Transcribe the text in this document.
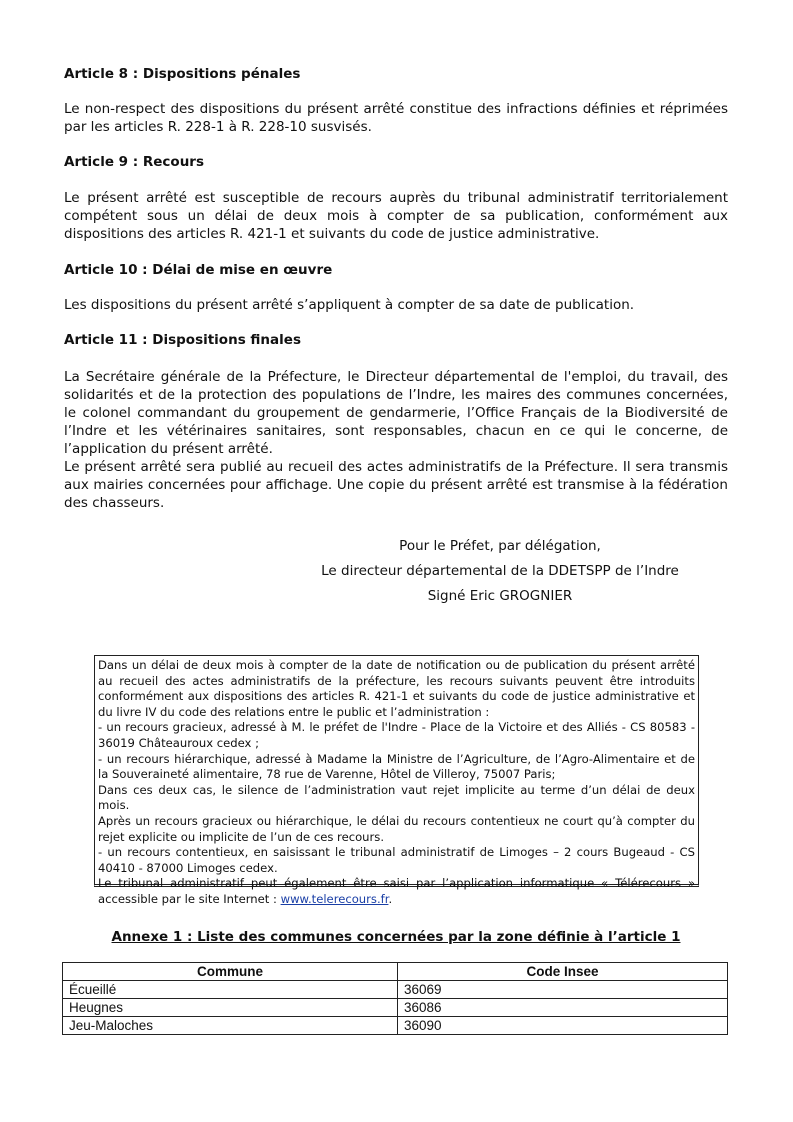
Article 8 : Dispositions pénales
Le non-respect des dispositions du présent arrêté constitue des infractions définies et réprimées par les articles R. 228-1 à R. 228-10 susvisés.
Article 9 : Recours
Le présent arrêté est susceptible de recours auprès du tribunal administratif territorialement compétent sous un délai de deux mois à compter de sa publication, conformément aux dispositions des articles R. 421-1 et suivants du code de justice administrative.
Article 10 : Délai de mise en œuvre
Les dispositions du présent arrêté s’appliquent à compter de sa date de publication.
Article 11 : Dispositions finales
La Secrétaire générale de la Préfecture, le Directeur départemental de l'emploi, du travail, des solidarités et de la protection des populations de l’Indre, les maires des communes concernées, le colonel commandant du groupement de gendarmerie, l’Office Français de la Biodiversité de l’Indre et les vétérinaires sanitaires, sont responsables, chacun en ce qui le concerne, de l’application du présent arrêté.
Le présent arrêté sera publié au recueil des actes administratifs de la Préfecture. Il sera transmis aux mairies concernées pour affichage. Une copie du présent arrêté est transmise à la fédération des chasseurs.
Pour le Préfet, par délégation,
Le directeur départemental de la DDETSPP de l’Indre
Signé Eric GROGNIER

Dans un délai de deux mois à compter de la date de notification ou de publication du présent arrêté au recueil des actes administratifs de la préfecture, les recours suivants peuvent être introduits conformément aux dispositions des articles R. 421-1 et suivants du code de justice administrative et du livre IV du code des relations entre le public et l’administration :

- un recours gracieux, adressé à M. le préfet de l'Indre - Place de la Victoire et des Alliés - CS 80583 - 36019 Châteauroux cedex ;

- un recours hiérarchique, adressé à Madame la Ministre de l’Agriculture, de l’Agro-Alimentaire et de la Souveraineté alimentaire, 78 rue de Varenne, Hôtel de Villeroy, 75007 Paris;

Dans ces deux cas, le silence de l’administration vaut rejet implicite au terme d’un délai de deux mois.

Après un recours gracieux ou hiérarchique, le délai du recours contentieux ne court qu’à compter du rejet explicite ou implicite de l’un de ces recours.

- un recours contentieux, en saisissant le tribunal administratif de Limoges – 2 cours Bugeaud - CS 40410 - 87000 Limoges cedex.

Le tribunal administratif peut également être saisi par l’application informatique « Télérecours » accessible par le site Internet : www.telerecours.fr.

Annexe 1 : Liste des communes concernées par la zone définie à l’article 1
Commune	Code Insee
Écueillé	36069
Heugnes	36086
Jeu-Maloches	36090
